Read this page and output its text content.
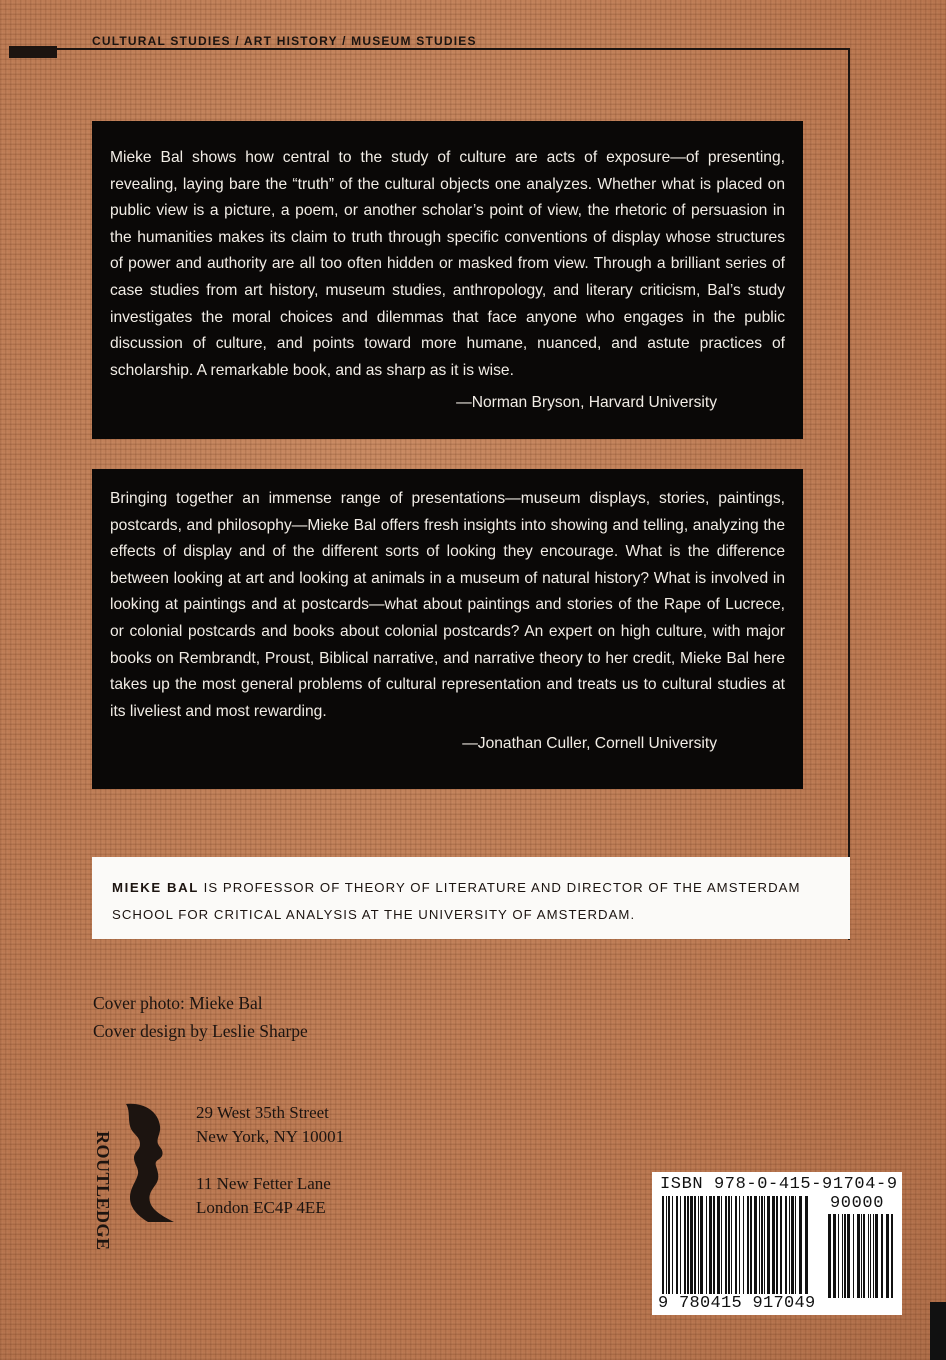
CULTURAL STUDIES / ART HISTORY / MUSEUM STUDIES

Mieke Bal shows how central to the study of culture are acts of exposure—of presenting, revealing, laying bare the “truth” of the cultural objects one analyzes. Whether what is placed on public view is a picture, a poem, or another scholar’s point of view, the rhetoric of persuasion in the humanities makes its claim to truth through specific conventions of display whose structures of power and authority are all too often hidden or masked from view. Through a brilliant series of case studies from art history, museum studies, anthropology, and literary criticism, Bal’s study investigates the moral choices and dilemmas that face anyone who engages in the public discussion of culture, and points toward more humane, nuanced, and astute practices of scholarship. A remarkable book, and as sharp as it is wise.

—Norman Bryson, Harvard University

Bringing together an immense range of presentations—museum displays, stories, paintings, postcards, and philosophy—Mieke Bal offers fresh insights into showing and telling, analyzing the effects of display and of the different sorts of looking they encourage. What is the difference between looking at art and looking at animals in a museum of natural history? What is involved in looking at paintings and at postcards—what about paintings and stories of the Rape of Lucrece, or colonial postcards and books about colonial postcards? An expert on high culture, with major books on Rembrandt, Proust, Biblical narrative, and narrative theory to her credit, Mieke Bal here takes up the most general problems of cultural representation and treats us to cultural studies at its liveliest and most rewarding.

—Jonathan Culler, Cornell University

MIEKE BAL IS PROFESSOR OF THEORY OF LITERATURE AND DIRECTOR OF THE AMSTERDAM SCHOOL FOR CRITICAL ANALYSIS AT THE UNIVERSITY OF AMSTERDAM.
Cover photo: Mieke Bal
Cover design by Leslie Sharpe
ROUTLEDGE
29 West 35th Street
New York, NY 10001
11 New Fetter Lane
London EC4P 4EE
ISBN 978-0-415-91704-9
90000
9 780415 917049
